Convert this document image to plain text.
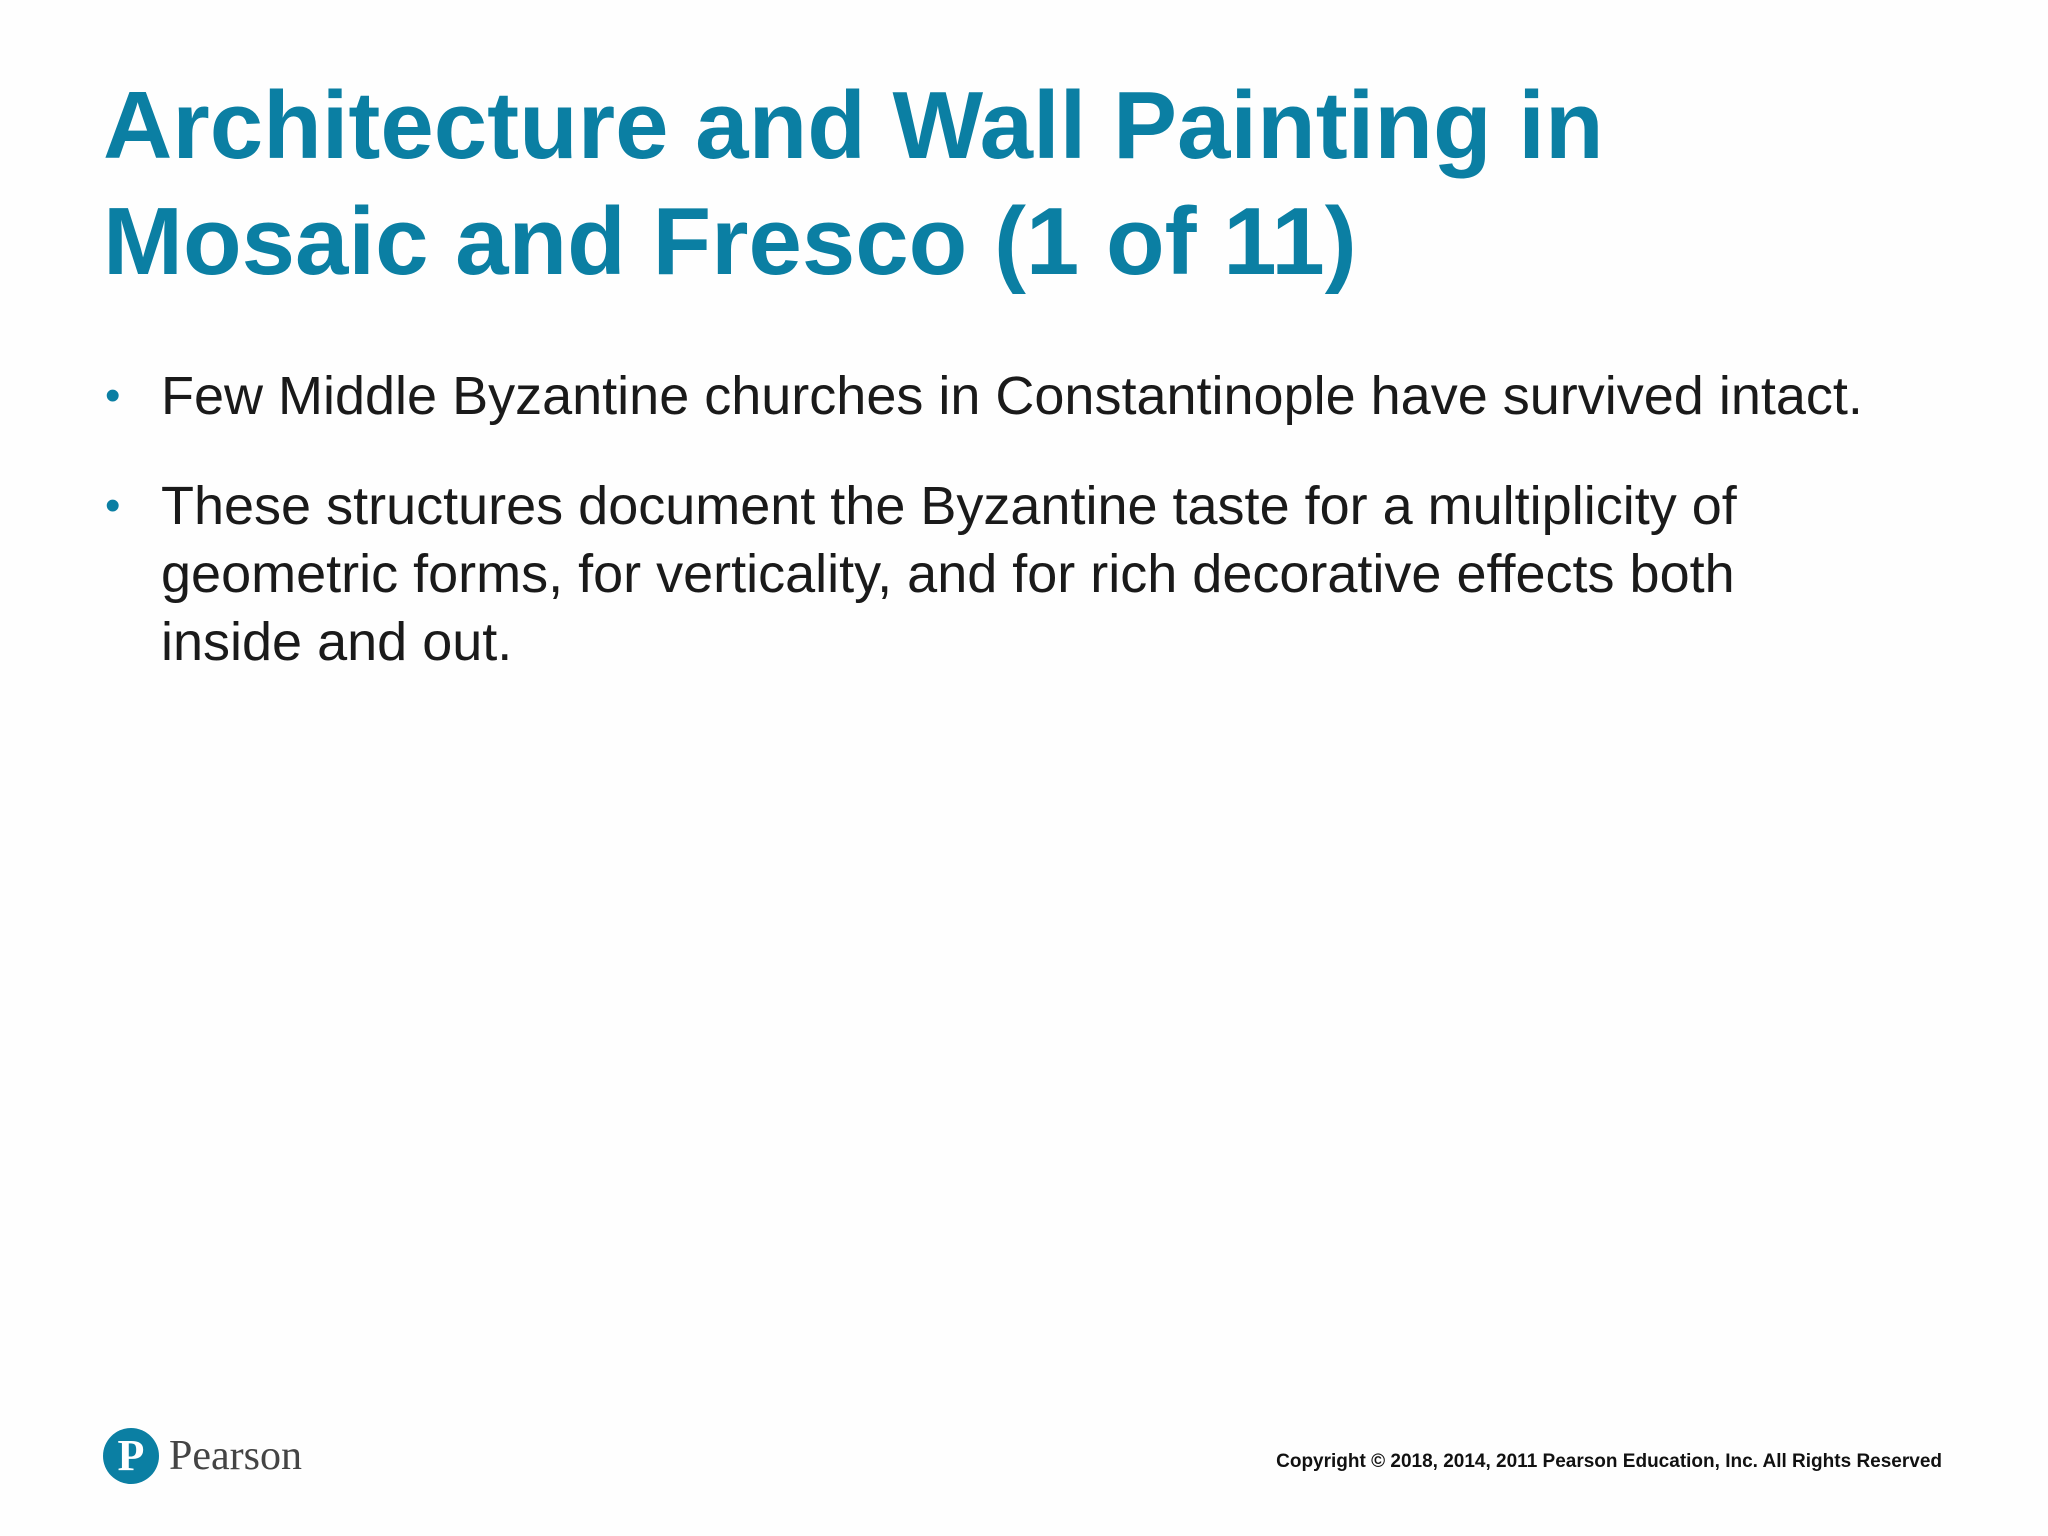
Architecture and Wall Painting in Mosaic and Fresco (1 of 11)
• Few Middle Byzantine churches in Constantinople have survived intact.
• These structures document the Byzantine taste for a multiplicity of geometric forms, for verticality, and for rich decorative effects both inside and out.
P Pearson	Copyright © 2018, 2014, 2011 Pearson Education, Inc. All Rights Reserved
